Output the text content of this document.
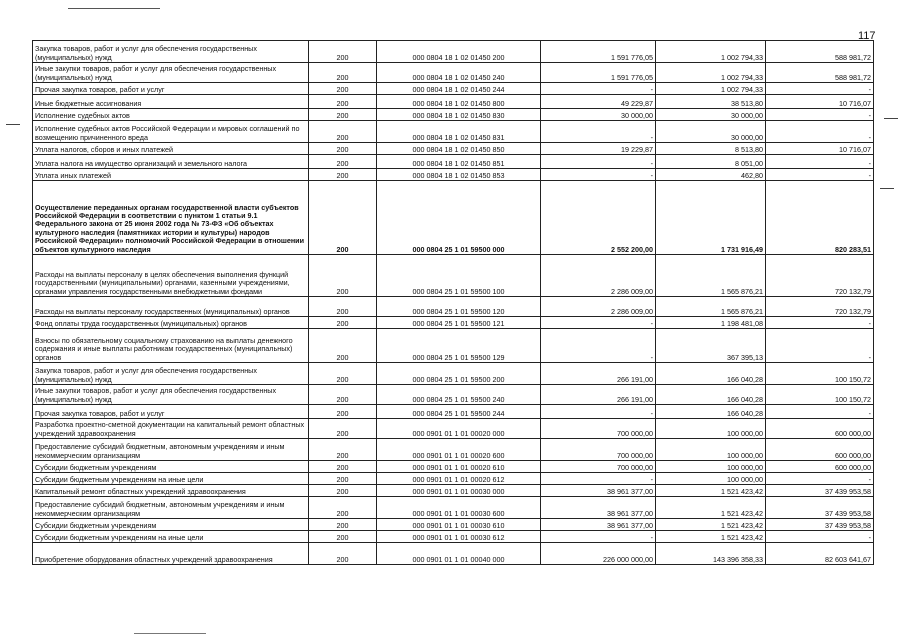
117
Закупка товаров, работ и услуг для обеспечения государственных (муниципальных) нужд	200	000 0804 18 1 02 01450 200	1 591 776,05	1 002 794,33	588 981,72
Иные закупки товаров, работ и услуг для обеспечения государственных (муниципальных) нужд	200	000 0804 18 1 02 01450 240	1 591 776,05	1 002 794,33	588 981,72
Прочая закупка товаров, работ и услуг	200	000 0804 18 1 02 01450 244	-	1 002 794,33	-
Иные бюджетные ассигнования	200	000 0804 18 1 02 01450 800	49 229,87	38 513,80	10 716,07
Исполнение судебных актов	200	000 0804 18 1 02 01450 830	30 000,00	30 000,00	-
Исполнение судебных актов Российской Федерации и мировых соглашений по возмещению причиненного вреда	200	000 0804 18 1 02 01450 831	-	30 000,00	-
Уплата налогов, сборов и иных платежей	200	000 0804 18 1 02 01450 850	19 229,87	8 513,80	10 716,07
Уплата налога на имущество организаций и земельного налога	200	000 0804 18 1 02 01450 851	-	8 051,00	-
Уплата иных платежей	200	000 0804 18 1 02 01450 853	-	462,80	-
Осуществление переданных органам государственной власти субъектов Российской Федерации в соответствии с пунктом 1 статьи 9.1 Федерального закона от 25 июня 2002 года № 73-ФЗ «Об объектах культурного наследия (памятниках истории и культуры) народов Российской Федерации» полномочий Российской Федерации в отношении объектов культурного наследия	200	000 0804 25 1 01 59500 000	2 552 200,00	1 731 916,49	820 283,51
Расходы на выплаты персоналу в целях обеспечения выполнения функций государственными (муниципальными) органами, казенными учреждениями, органами управления государственными внебюджетными фондами	200	000 0804 25 1 01 59500 100	2 286 009,00	1 565 876,21	720 132,79
Расходы на выплаты персоналу государственных (муниципальных) органов	200	000 0804 25 1 01 59500 120	2 286 009,00	1 565 876,21	720 132,79
Фонд оплаты труда государственных (муниципальных) органов	200	000 0804 25 1 01 59500 121	-	1 198 481,08	-
Взносы по обязательному социальному страхованию на выплаты денежного содержания и иные выплаты работникам государственных (муниципальных) органов	200	000 0804 25 1 01 59500 129	-	367 395,13	-
Закупка товаров, работ и услуг для обеспечения государственных (муниципальных) нужд	200	000 0804 25 1 01 59500 200	266 191,00	166 040,28	100 150,72
Иные закупки товаров, работ и услуг для обеспечения государственных (муниципальных) нужд	200	000 0804 25 1 01 59500 240	266 191,00	166 040,28	100 150,72
Прочая закупка товаров, работ и услуг	200	000 0804 25 1 01 59500 244	-	166 040,28	-
Разработка проектно-сметной документации на капитальный ремонт областных учреждений здравоохранения	200	000 0901 01 1 01 00020 000	700 000,00	100 000,00	600 000,00
Предоставление субсидий бюджетным, автономным учреждениям и иным некоммерческим организациям	200	000 0901 01 1 01 00020 600	700 000,00	100 000,00	600 000,00
Субсидии бюджетным учреждениям	200	000 0901 01 1 01 00020 610	700 000,00	100 000,00	600 000,00
Субсидии бюджетным учреждениям на иные цели	200	000 0901 01 1 01 00020 612	-	100 000,00	-
Капитальный ремонт областных учреждений здравоохранения	200	000 0901 01 1 01 00030 000	38 961 377,00	1 521 423,42	37 439 953,58
Предоставление субсидий бюджетным, автономным учреждениям и иным некоммерческим организациям	200	000 0901 01 1 01 00030 600	38 961 377,00	1 521 423,42	37 439 953,58
Субсидии бюджетным учреждениям	200	000 0901 01 1 01 00030 610	38 961 377,00	1 521 423,42	37 439 953,58
Субсидии бюджетным учреждениям на иные цели	200	000 0901 01 1 01 00030 612	-	1 521 423,42	-
Приобретение оборудования областных учреждений здравоохранения	200	000 0901 01 1 01 00040 000	226 000 000,00	143 396 358,33	82 603 641,67
